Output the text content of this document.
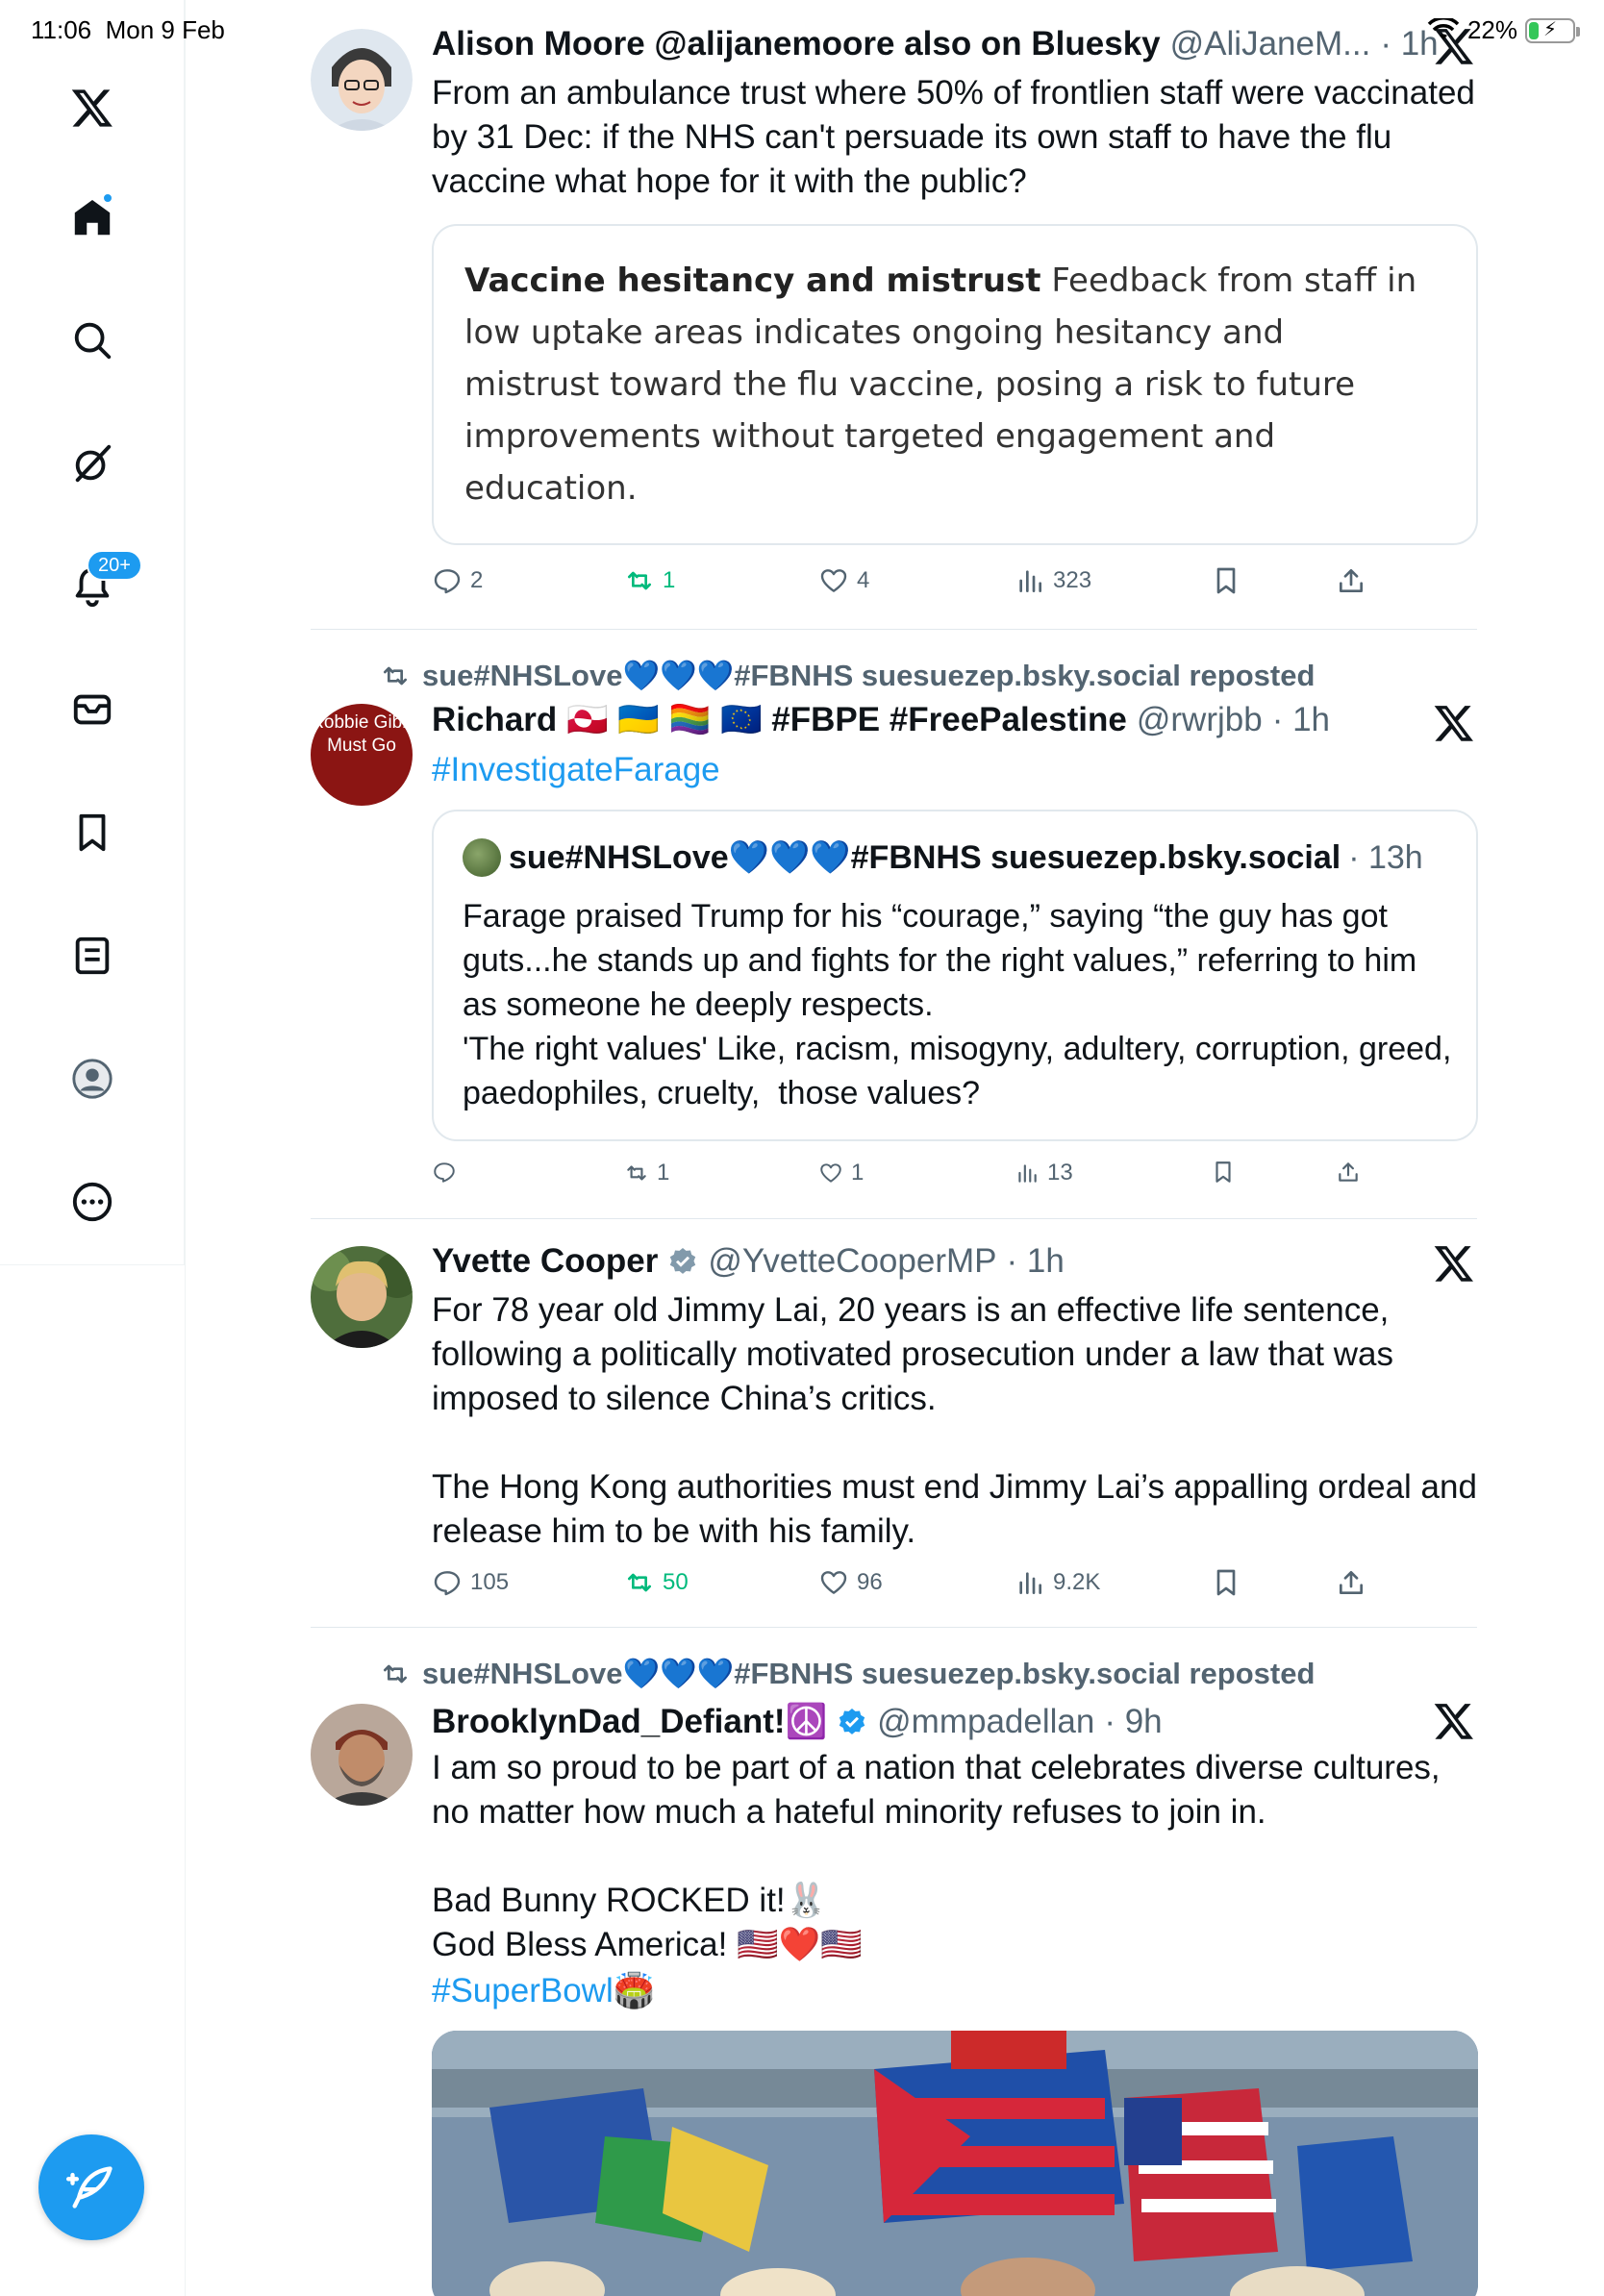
11:06 Mon 9 Feb	22%	⚡
20+
Alison Moore @alijanemoore also on Bluesky @AliJaneM... · 1h
From an ambulance trust where 50% of frontlien staff were vaccinated by 31 Dec: if the NHS can't persuade its own staff to have the flu vaccine what hope for it with the public?
Vaccine hesitancy and mistrust Feedback from staff in low uptake areas indicates ongoing hesitancy and mistrust toward the flu vaccine, posing a risk to future improvements without targeted engagement and education.
2	1	4	323
sue#NHSLove💙💙💙#FBNHS suesuezep.bsky.social reposted
Robbie Gibb Must Go
Richard 🇬🇱 🇺🇦 🏳️‍🌈 🇪🇺 #FBPE #FreePalestine @rwrjbb · 1h
#InvestigateFarage
sue#NHSLove💙💙💙#FBNHS suesuezep.bsky.social · 13h
Farage praised Trump for his “courage,” saying “the guy has got guts...he stands up and fights for the right values,” referring to him as someone he deeply respects.
'The right values' Like, racism, misogyny, adultery, corruption, greed, paedophiles, cruelty,  those values?
1	1	13
Yvette Cooper @YvetteCooperMP · 1h
For 78 year old Jimmy Lai, 20 years is an effective life sentence, following a politically motivated prosecution under a law that was imposed to silence China’s critics.

The Hong Kong authorities must end Jimmy Lai’s appalling ordeal and release him to be with his family.
105	50	96	9.2K
sue#NHSLove💙💙💙#FBNHS suesuezep.bsky.social reposted
BrooklynDad_Defiant!☮️ @mmpadellan · 9h
I am so proud to be part of a nation that celebrates diverse cultures, no matter how much a hateful minority refuses to join in.

Bad Bunny ROCKED it!🐰
God Bless America! 🇺🇸❤️🇺🇸
#SuperBowl🏟️
